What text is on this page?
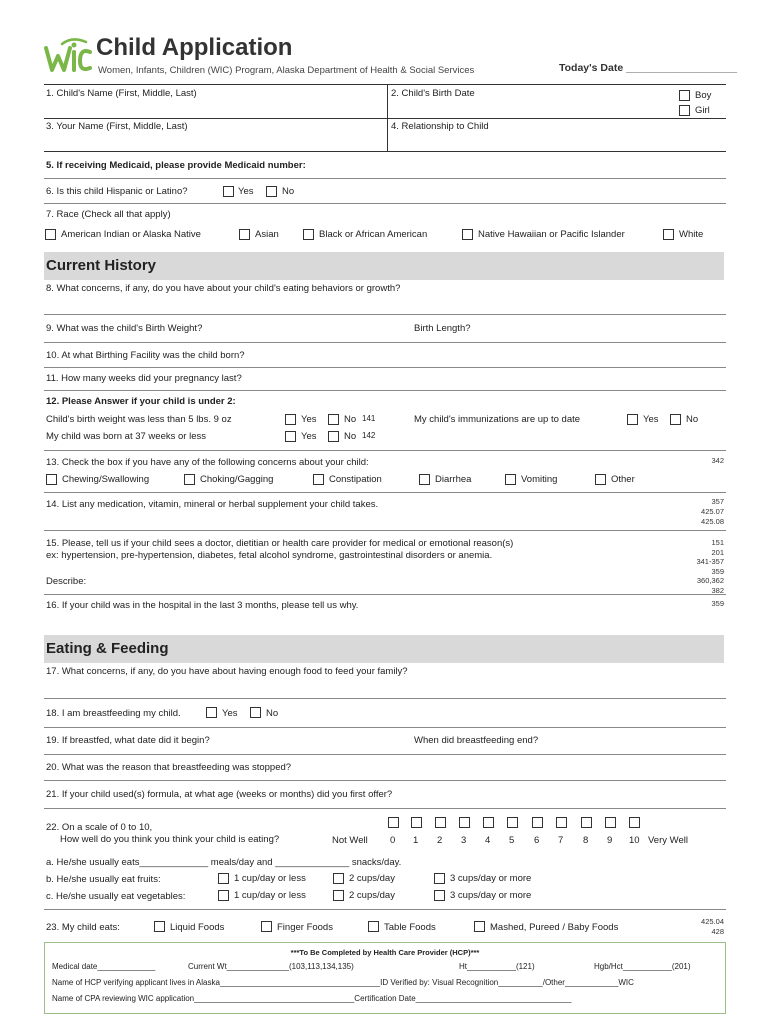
Child Application
Women, Infants, Children (WIC) Program, Alaska Department of Health & Social Services	Today's Date ___________________
1. Child's Name (First, Middle, Last)	2. Child's Birth Date	Boy
Girl
3. Your Name (First, Middle, Last)	4. Relationship to Child
5. If receiving Medicaid, please provide Medicaid number:
6. Is this child Hispanic or Latino?	Yes	No
7. Race (Check all that apply)
American Indian or Alaska Native	Asian	Black or African American	Native Hawaiian or Pacific Islander	White
Current History
8. What concerns, if any, do you have about your child's eating behaviors or growth?
9. What was the child's Birth Weight?	Birth Length?
10. At what Birthing Facility was the child born?
11. How many weeks did your pregnancy last?
12. Please Answer if your child is under 2:
Child's birth weight was less than 5 lbs. 9 oz	Yes	No 141	My child's immunizations are up to date	Yes	No
My child was born at 37 weeks or less	Yes	No 142
13. Check the box if you have any of the following concerns about your child:	342
Chewing/Swallowing	Choking/Gagging	Constipation	Diarrhea	Vomiting	Other
14. List any medication, vitamin, mineral or herbal supplement your child takes.	357
425.07
425.08
15. Please, tell us if your child sees a doctor, dietitian or health care provider for medical or emotional reason(s)
ex: hypertension, pre-hypertension, diabetes, fetal alcohol syndrome, gastrointestinal disorders or anemia.
Describe:
151
201
341-357
359
360,362
382
16. If your child was in the hospital in the last 3 months, please tell us why.	359
Eating & Feeding
17. What concerns, if any, do you have about having enough food to feed your family?
18. I am breastfeeding my child.	Yes	No
19. If breastfed, what date did it begin?	When did breastfeeding end?
20. What was the reason that breastfeeding was stopped?
21. If your child used(s) formula, at what age (weeks or months) did you first offer?
22. On a scale of 0 to 10,
How well do you think you think your child is eating?	Not Well	Very Well
0 1 2 3 4 5 6 7 8 9 10
a. He/she usually eats_____________ meals/day and ______________ snacks/day.
b. He/she usually eat fruits:	1 cup/day or less	2 cups/day	3 cups/day or more
c. He/she usually eat vegetables:	1 cup/day or less	2 cups/day	3 cups/day or more
23. My child eats:	Liquid Foods	Finger Foods	Table Foods	Mashed, Pureed / Baby Foods
425.04
428
***To Be Completed by Health Care Provider (HCP)***
Medical date_____________	Current Wt______________(103,113,134,135)	Ht___________(121)	Hgb/Hct___________(201)
Name of HCP verifying applicant lives in Alaska____________________________________ID Verified by: Visual Recognition__________/Other____________WIC
Name of CPA reviewing WIC application____________________________________Certification Date___________________________________
